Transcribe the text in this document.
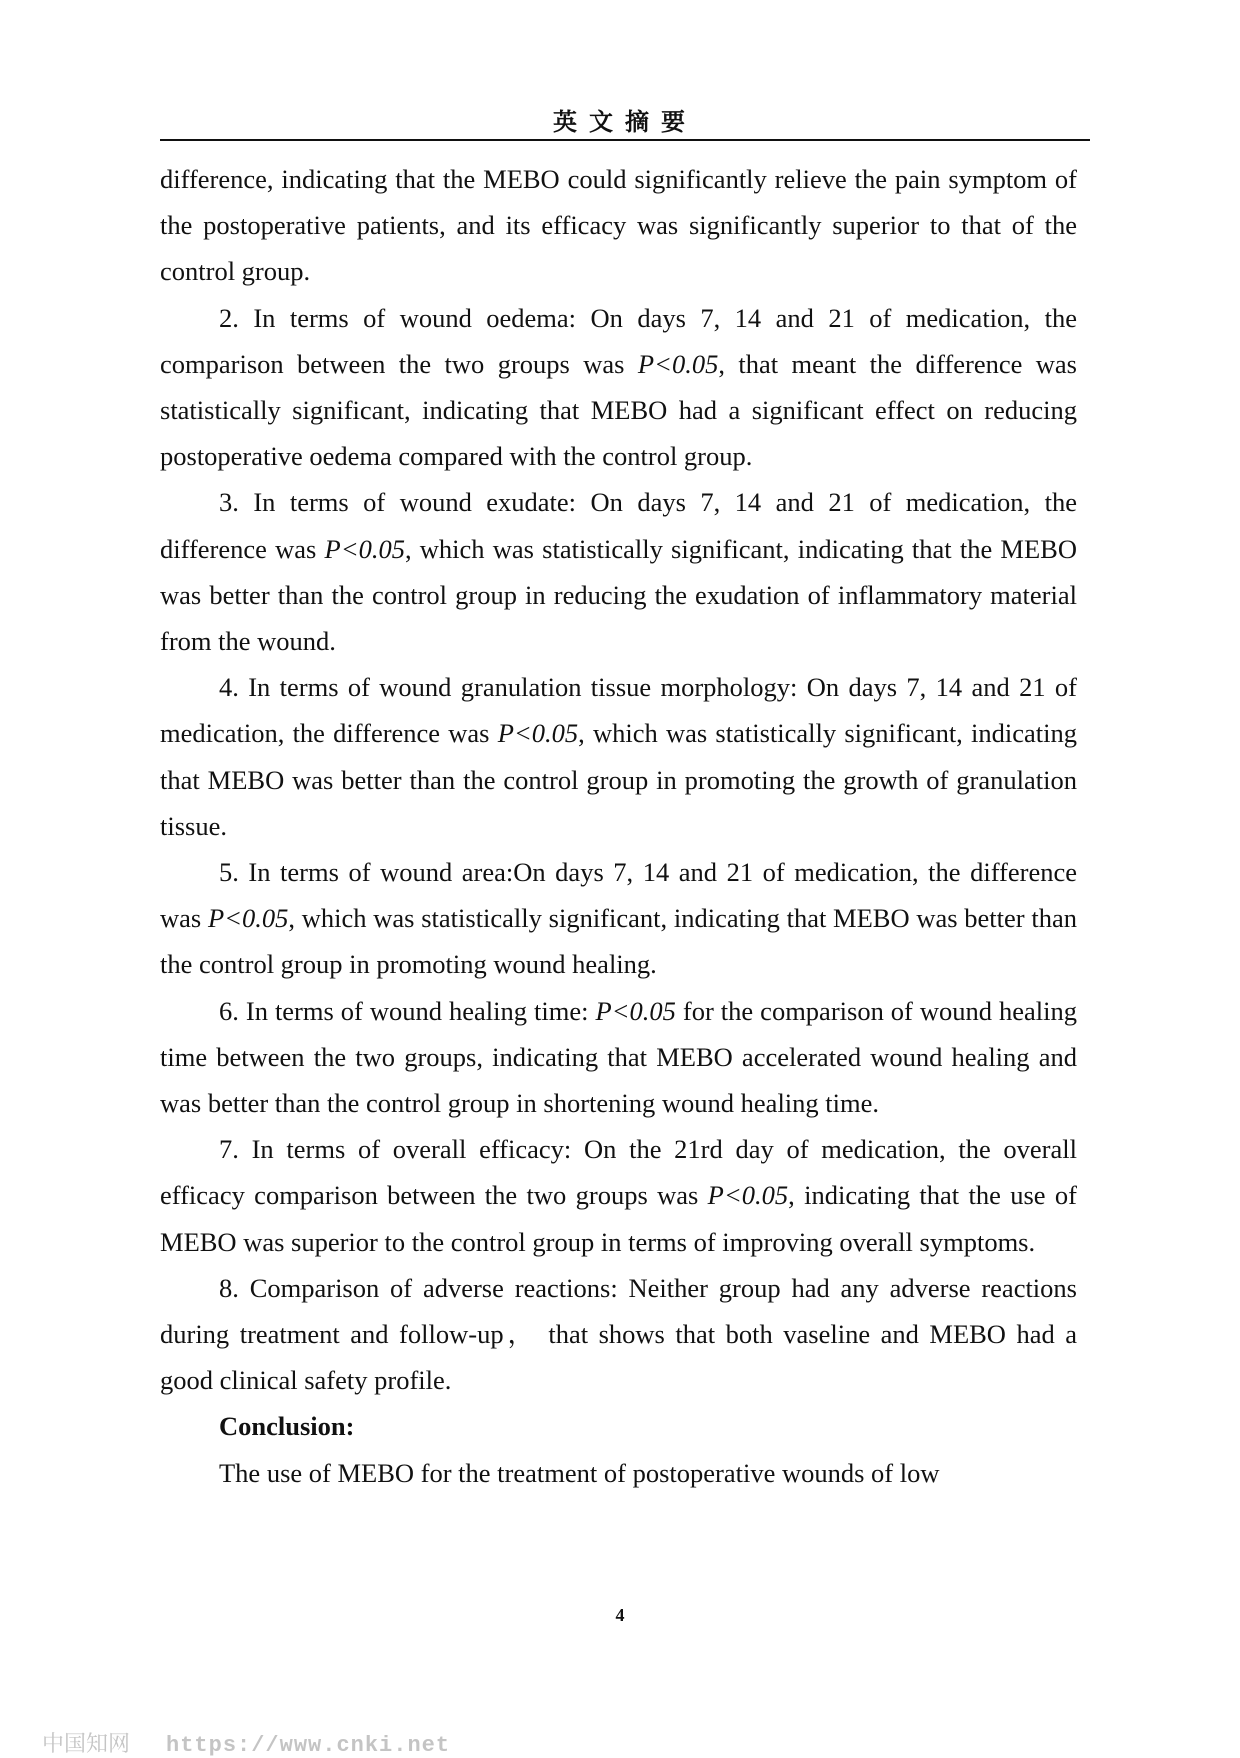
英文摘要

difference, indicating that the MEBO could significantly relieve the pain symptom of the postoperative patients, and its efficacy was significantly superior to that of the control group.

2. In terms of wound oedema: On days 7, 14 and 21 of medication, the comparison between the two groups was P<0.05, that meant the difference was statistically significant, indicating that MEBO had a significant effect on reducing postoperative oedema compared with the control group.

3. In terms of wound exudate: On days 7, 14 and 21 of medication, the difference was P<0.05, which was statistically significant, indicating that the MEBO was better than the control group in reducing the exudation of inflammatory material from the wound.

4. In terms of wound granulation tissue morphology: On days 7, 14 and 21 of medication, the difference was P<0.05, which was statistically significant, indicating that MEBO was better than the control group in promoting the growth of granulation tissue.

5. In terms of wound area:On days 7, 14 and 21 of medication, the difference was P<0.05, which was statistically significant, indicating that MEBO was better than the control group in promoting wound healing.

6. In terms of wound healing time: P<0.05 for the comparison of wound healing time between the two groups, indicating that MEBO accelerated wound healing and was better than the control group in shortening wound healing time.

7. In terms of overall efficacy: On the 21rd day of medication, the overall efficacy comparison between the two groups was P<0.05, indicating that the use of MEBO was superior to the control group in terms of improving overall symptoms.

8. Comparison of adverse reactions: Neither group had any adverse reactions during treatment and follow-up， that shows that both vaseline and MEBO had a good clinical safety profile.

Conclusion:

The use of MEBO for the treatment of postoperative wounds of low

4
中国知网 https://www.cnki.net
